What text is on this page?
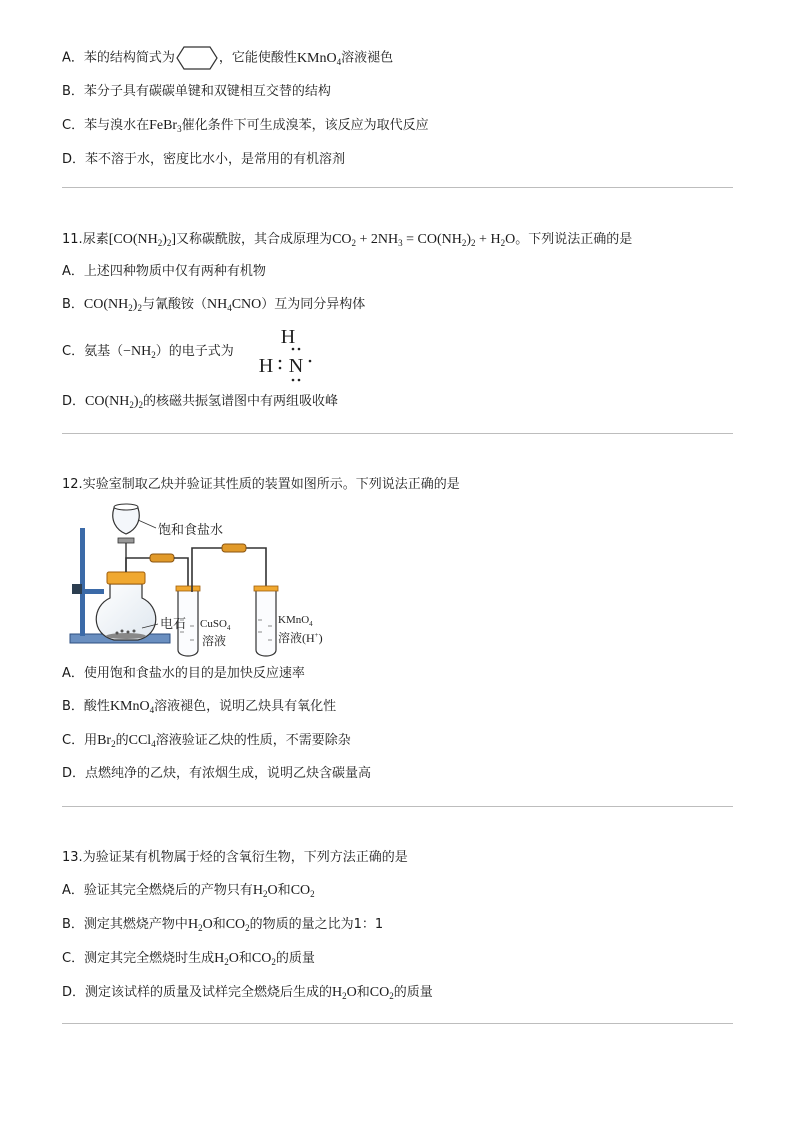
A．苯的结构简式为	，它能使酸性KMnO$_4$溶液褪色
B．苯分子具有碳碳单键和双键相互交替的结构
C．苯与溴水在FeBr$_3$催化条件下可生成溴苯，该反应为取代反应
D．苯不溶于水，密度比水小，是常用的有机溶剂
11.尿素$[CO(NH_2)_2]$又称碳酰胺，其合成原理为$CO_2 + 2NH_3 = CO(NH_2)_2 + H_2O$。下列说法正确的是
A．上述四种物质中仅有两种有机物
B．$CO(NH_2)_2$与氰酸铵$(NH_4CNO)$互为同分异构体
C．氨基$(-NH_2)$的电子式为
H
H N
D．$CO(NH_2)_2$的核磁共振氢谱图中有两组吸收峰
12.实验室制取乙炔并验证其性质的装置如图所示。下列说法正确的是
饱和食盐水
电石 CuSO$_4$
溶液
KMnO$_4$
溶液(H+)
A．使用饱和食盐水的目的是加快反应速率
B．酸性KMnO$_4$溶液褪色，说明乙炔具有氧化性
C．用$Br_2$的CCl$_4$溶液验证乙炔的性质，不需要除杂
D．点燃纯净的乙炔，有浓烟生成，说明乙炔含碳量高
13.为验证某有机物属于烃的含氧衍生物，下列方法正确的是
A．验证其完全燃烧后的产物只有$H_2O$和$CO_2$
B．测定其燃烧产物中$H_2O$和$CO_2$的物质的量之比为1：1
C．测定其完全燃烧时生成$H_2O$和$CO_2$的质量
D．测定该试样的质量及试样完全燃烧后生成的$H_2O$和$CO_2$的质量
